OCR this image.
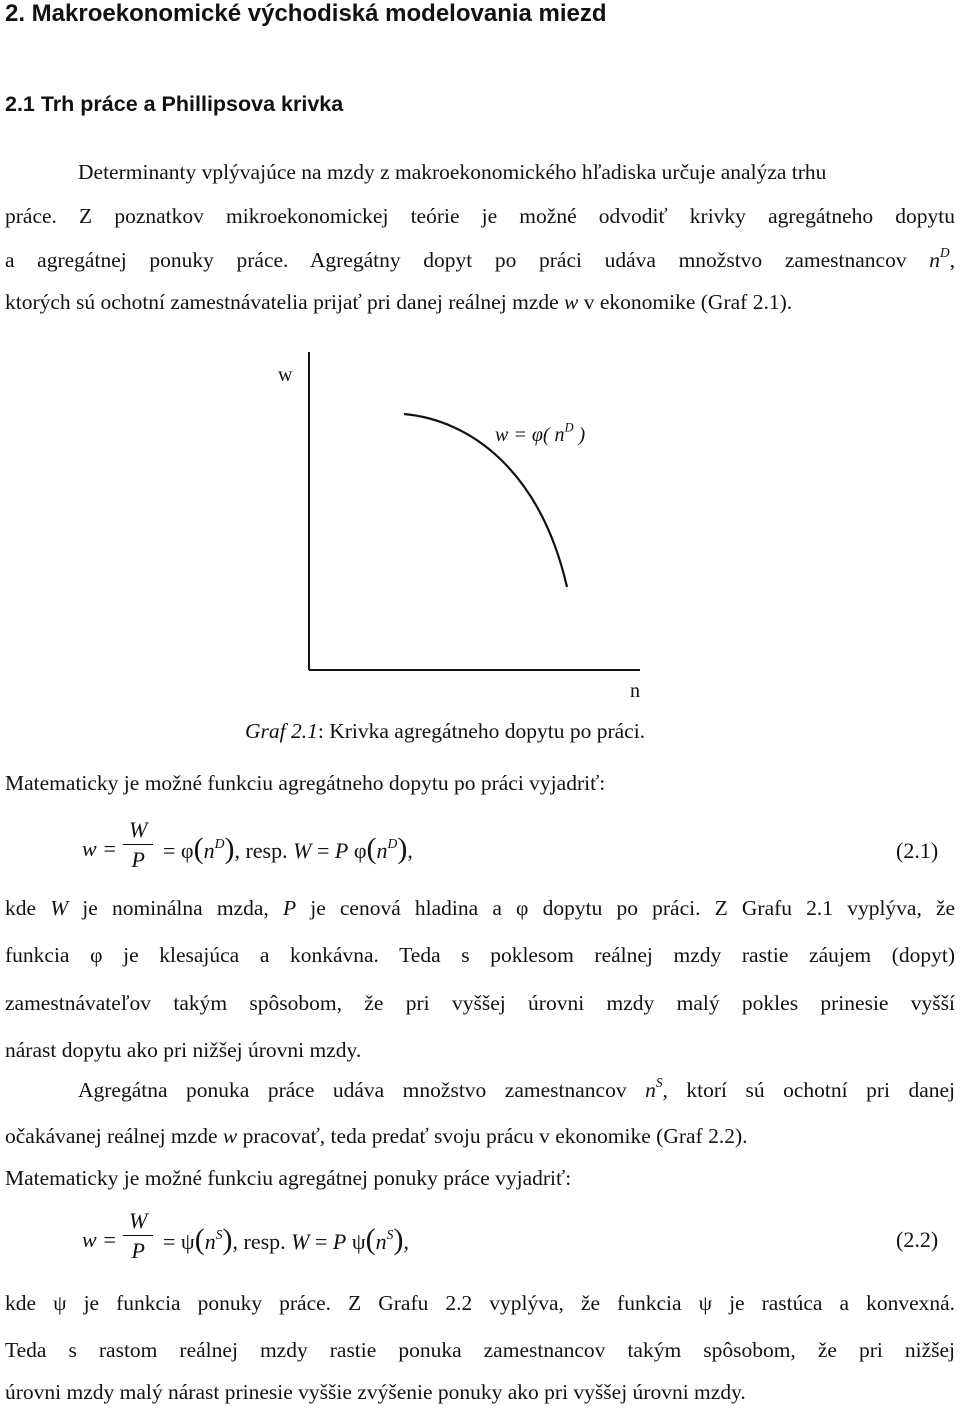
2. Makroekonomické východiská modelovania miezd
2.1 Trh práce a Phillipsova krivka
Determinanty vplývajúce na mzdy z makroekonomického hľadiska určuje analýza trhu
práce. Z poznatkov mikroekonomickej teórie je možné odvodiť krivky agregátneho dopytu
a agregátnej ponuky práce. Agregátny dopyt po práci udáva množstvo zamestnancov $n^D$,
ktorých sú ochotní zamestnávatelia prijať pri danej reálnej mzde w v ekonomike (Graf 2.1).
w
n
w = φ( $n^D$ )
Graf 2.1: Krivka agregátneho dopytu po práci.
Matematicky je možné funkciu agregátneho dopytu po práci vyjadriť:
$w = \frac{W}{P} = \varphi(n^D)$, resp. W = P $\varphi(n^D)$,	(2.1)
kde W je nominálna mzda, P je cenová hladina a φ dopytu po práci. Z Grafu 2.1 vyplýva, že
funkcia φ je klesajúca a konkávna. Teda s poklesom reálnej mzdy rastie záujem (dopyt)
zamestnávateľov takým spôsobom, že pri vyššej úrovni mzdy malý pokles prinesie vyšší
nárast dopytu ako pri nižšej úrovni mzdy.
Agregátna ponuka práce udáva množstvo zamestnancov $n^S$, ktorí sú ochotní pri danej
očakávanej reálnej mzde w pracovať, teda predať svoju prácu v ekonomike (Graf 2.2).
Matematicky je možné funkciu agregátnej ponuky práce vyjadriť:
$w = \frac{W}{P} = \psi(n^S)$, resp. W = P $\psi(n^S)$,	(2.2)
kde ψ je funkcia ponuky práce. Z Grafu 2.2 vyplýva, že funkcia ψ je rastúca a konvexná.
Teda s rastom reálnej mzdy rastie ponuka zamestnancov takým spôsobom, že pri nižšej
úrovni mzdy malý nárast prinesie vyššie zvýšenie ponuky ako pri vyššej úrovni mzdy.
